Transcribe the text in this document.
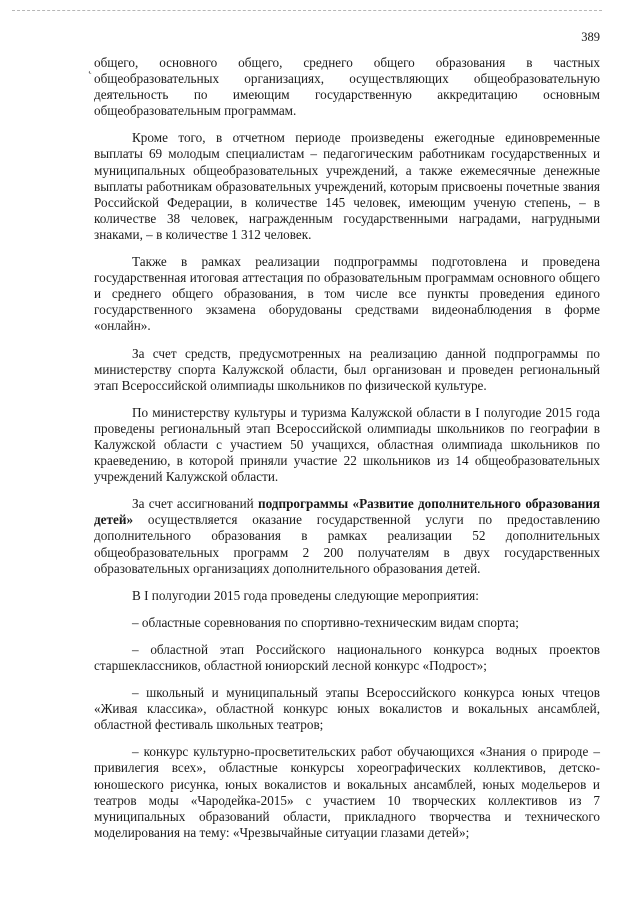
389
˛ общего, основного общего, среднего общего образования в частных общеобразовательных организациях, осуществляющих общеобразовательную деятельность по имеющим государственную аккредитацию основным общеобразовательным программам.

Кроме того, в отчетном периоде произведены ежегодные единовременные выплаты 69 молодым специалистам – педагогическим работникам государственных и муниципальных общеобразовательных учреждений, а также ежемесячные денежные выплаты работникам образовательных учреждений, которым присвоены почетные звания Российской Федерации, в количестве 145 человек, имеющим ученую степень, – в количестве 38 человек, награжденным государственными наградами, нагрудными знаками, – в количестве 1 312 человек.

Также в рамках реализации подпрограммы подготовлена и проведена государственная итоговая аттестация по образовательным программам основного общего и среднего общего образования, в том числе все пункты проведения единого государственного экзамена оборудованы средствами видеонаблюдения в форме «онлайн».

За счет средств, предусмотренных на реализацию данной подпрограммы по министерству спорта Калужской области, был организован и проведен региональный этап Всероссийской олимпиады школьников по физической культуре.

По министерству культуры и туризма Калужской области в I полугодие 2015 года проведены региональный этап Всероссийской олимпиады школьников по географии в Калужской области с участием 50 учащихся, областная олимпиада школьников по краеведению, в которой приняли участие 22 школьников из 14 общеобразовательных учреждений Калужской области.

За счет ассигнований подпрограммы «Развитие дополнительного образования детей» осуществляется оказание государственной услуги по предоставлению дополнительного образования в рамках реализации 52 дополнительных общеобразовательных программ 2 200 получателям в двух государственных образовательных организациях дополнительного образования детей.

В I полугодии 2015 года проведены следующие мероприятия:

– областные соревнования по спортивно-техническим видам спорта;

– областной этап Российского национального конкурса водных проектов старшеклассников, областной юниорский лесной конкурс «Подрост»;

– школьный и муниципальный этапы Всероссийского конкурса юных чтецов «Живая классика», областной конкурс юных вокалистов и вокальных ансамблей, областной фестиваль школьных театров;

– конкурс культурно-просветительских работ обучающихся «Знания о природе – привилегия всех», областные конкурсы хореографических коллективов, детско-юношеского рисунка, юных вокалистов и вокальных ансамблей, юных модельеров и театров моды «Чародейка-2015» с участием 10 творческих коллективов из 7 муниципальных образований области, прикладного творчества и технического моделирования на тему: «Чрезвычайные ситуации глазами детей»;
